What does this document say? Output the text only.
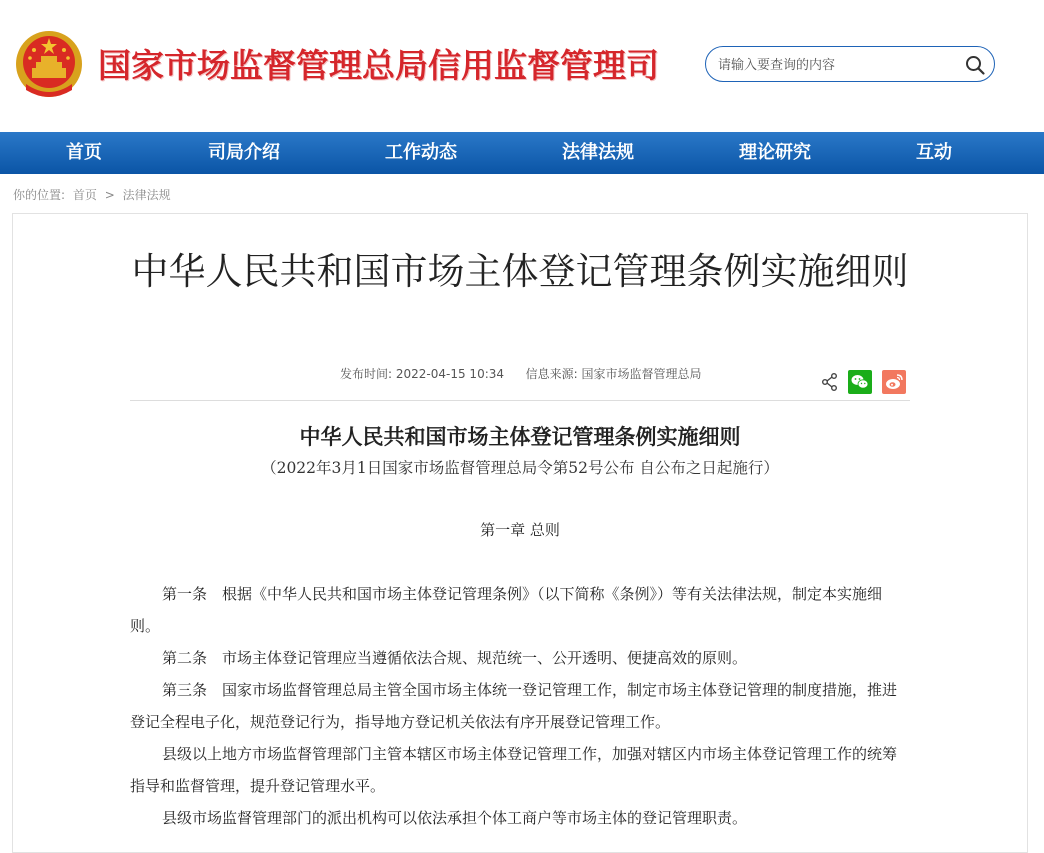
国家市场监督管理总局信用监督管理司
请输入要查询的内容
首页	司局介绍	工作动态	法律法规	理论研究	互动
你的位置: 首页 > 法律法规
中华人民共和国市场主体登记管理条例实施细则
发布时间: 2022-04-15 10:34 信息来源: 国家市场监督管理总局
中华人民共和国市场主体登记管理条例实施细则
（2022年3月1日国家市场监督管理总局令第52号公布 自公布之日起施行）
第一章 总则

第一条　根据《中华人民共和国市场主体登记管理条例》（以下简称《条例》）等有关法律法规，制定本实施细则。

第二条　市场主体登记管理应当遵循依法合规、规范统一、公开透明、便捷高效的原则。

第三条　国家市场监督管理总局主管全国市场主体统一登记管理工作，制定市场主体登记管理的制度措施，推进登记全程电子化，规范登记行为，指导地方登记机关依法有序开展登记管理工作。

县级以上地方市场监督管理部门主管本辖区市场主体登记管理工作，加强对辖区内市场主体登记管理工作的统筹指导和监督管理，提升登记管理水平。

县级市场监督管理部门的派出机构可以依法承担个体工商户等市场主体的登记管理职责。
